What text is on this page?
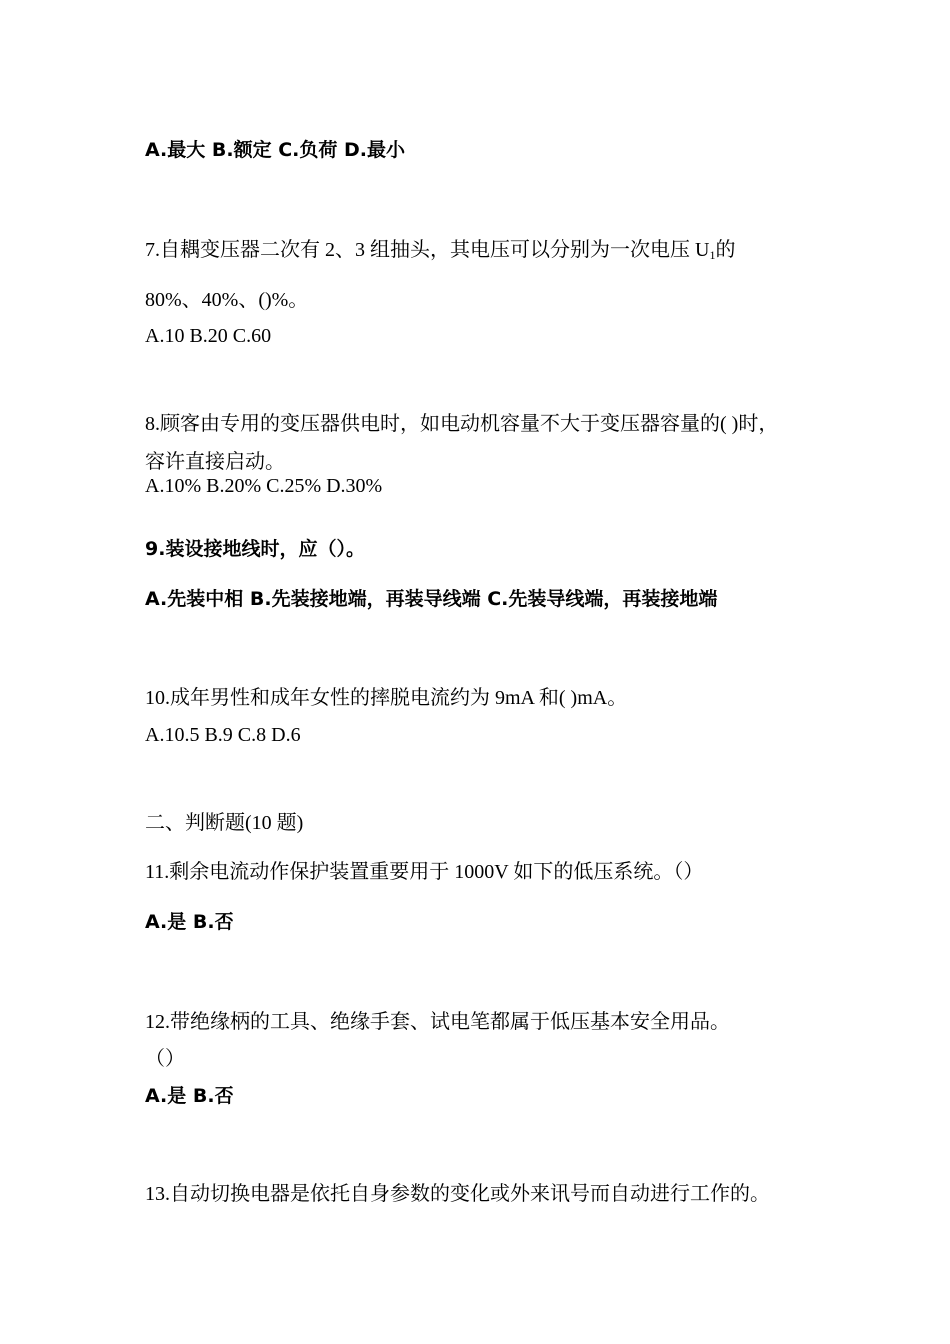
A.最大 B.额定 C.负荷 D.最小
7.自耦变压器二次有 2、3 组抽头，其电压可以分别为一次电压 $U_1$的
80%、40%、()%。
A.10 B.20 C.60
8.顾客由专用的变压器供电时，如电动机容量不大于变压器容量的( )时，
容许直接启动。
A.10% B.20% C.25% D.30%
9.装设接地线时，应（）。
A.先装中相 B.先装接地端，再装导线端 C.先装导线端，再装接地端
10.成年男性和成年女性的摔脱电流约为 9mA 和( )mA。
A.10.5 B.9 C.8 D.6
二、判断题(10 题)
11.剩余电流动作保护装置重要用于 1000V 如下的低压系统。（）
A.是 B.否
12.带绝缘柄的工具、绝缘手套、试电笔都属于低压基本安全用品。
（）
A.是 B.否
13.自动切换电器是依托自身参数的变化或外来讯号而自动进行工作的。
